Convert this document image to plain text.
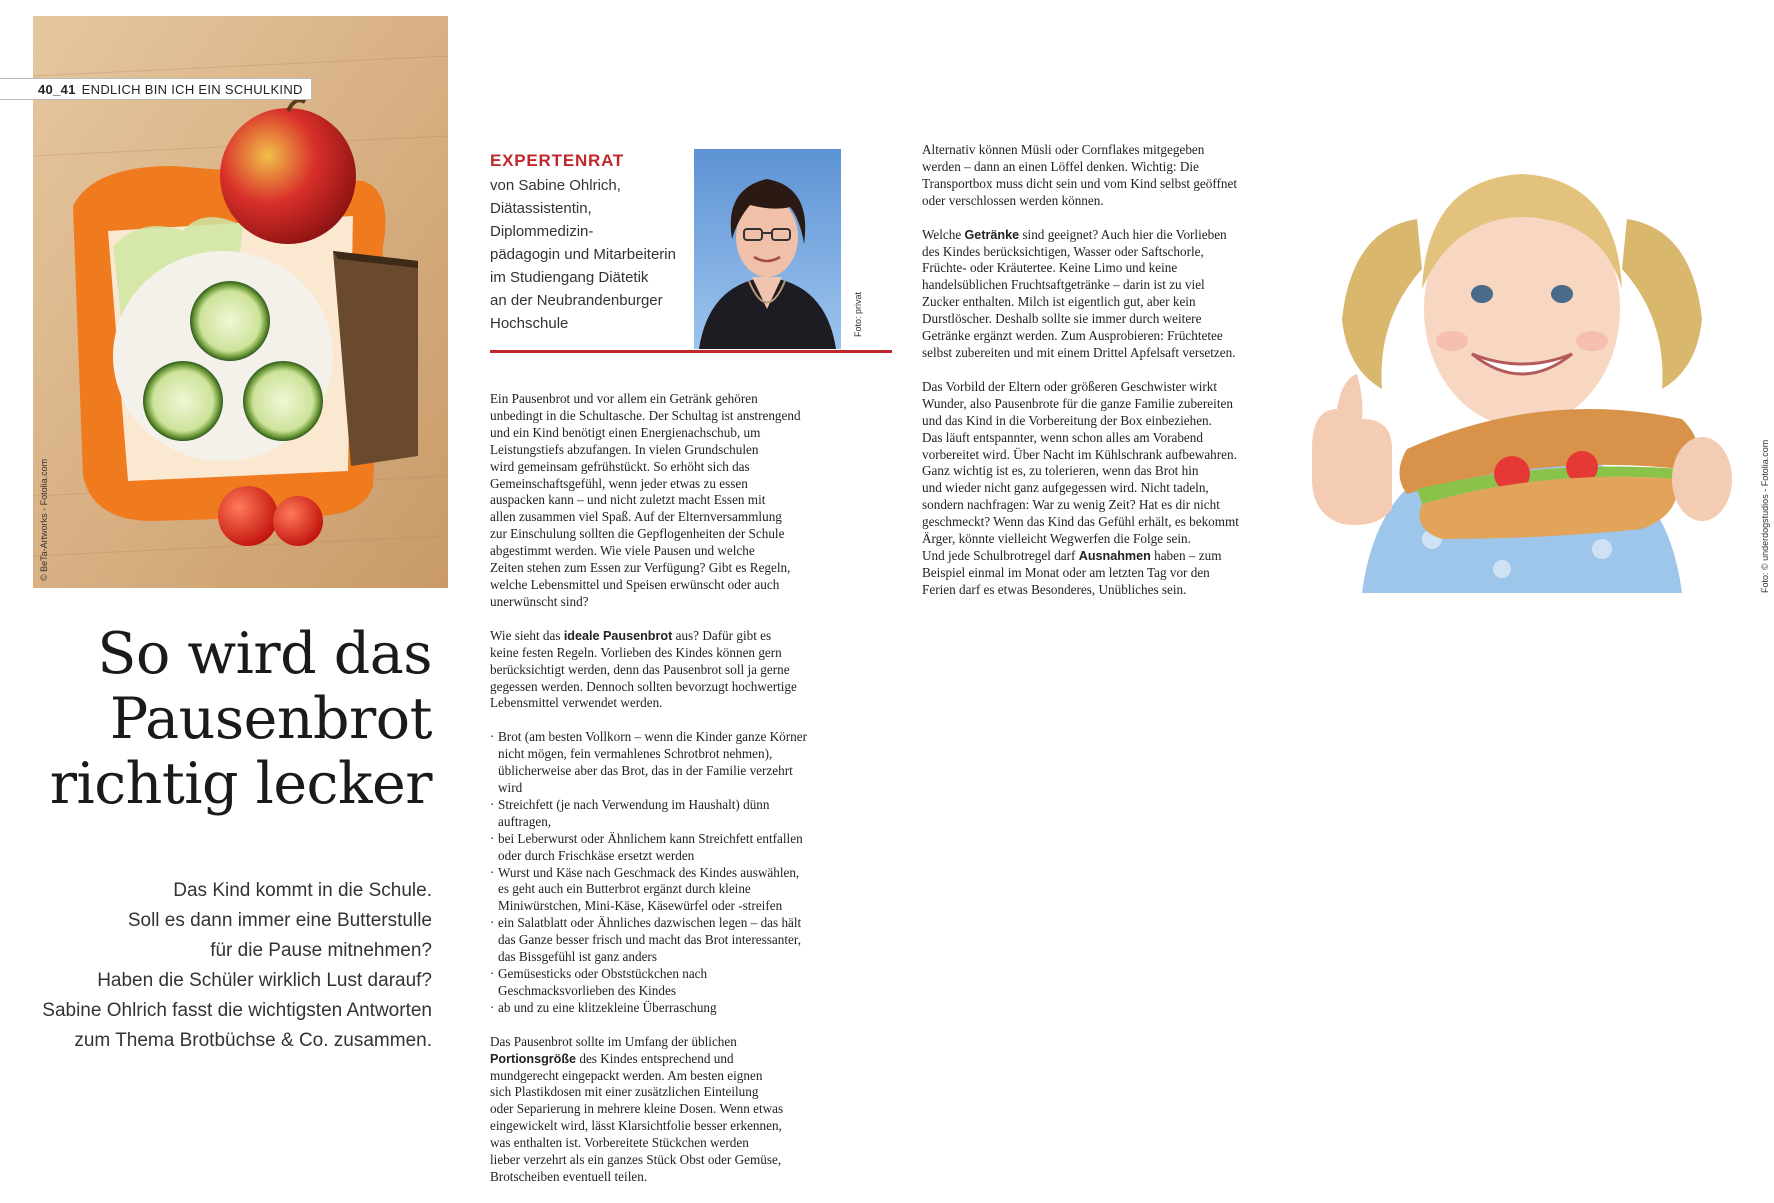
© BeTa-Artworks - Fotolia.com
40_41 ENDLICH BIN ICH EIN SCHULKIND
So wird das
Pausenbrot
richtig lecker
Das Kind kommt in die Schule.
Soll es dann immer eine Butterstulle
für die Pause mitnehmen?
Haben die Schüler wirklich Lust darauf?
Sabine Ohlrich fasst die wichtigsten Antworten
zum Thema Brotbüchse & Co. zusammen.
EXPERTENRAT
von Sabine Ohlrich,
Diätassistentin,
Diplommedizin-
pädagogin und Mitarbeiterin
im Studiengang Diätetik
an der Neubrandenburger
Hochschule	Foto: privat

Ein Pausenbrot und vor allem ein Getränk gehören
unbedingt in die Schultasche. Der Schultag ist anstrengend
und ein Kind benötigt einen Energienachschub, um
Leistungstiefs abzufangen. In vielen Grundschulen
wird gemeinsam gefrühstückt. So erhöht sich das
Gemeinschaftsgefühl, wenn jeder etwas zu essen
auspacken kann – und nicht zuletzt macht Essen mit
allen zusammen viel Spaß. Auf der Elternversammlung
zur Einschulung sollten die Gepflogenheiten der Schule
abgestimmt werden. Wie viele Pausen und welche
Zeiten stehen zum Essen zur Verfügung? Gibt es Regeln,
welche Lebensmittel und Speisen erwünscht oder auch
unerwünscht sind?

Wie sieht das ideale Pausenbrot aus? Dafür gibt es
keine festen Regeln. Vorlieben des Kindes können gern
berücksichtigt werden, denn das Pausenbrot soll ja gerne
gegessen werden. Dennoch sollten bevorzugt hochwertige
Lebensmittel verwendet werden.

· Brot (am besten Vollkorn – wenn die Kinder ganze Körner
nicht mögen, fein vermahlenes Schrotbrot nehmen),
üblicherweise aber das Brot, das in der Familie verzehrt
wird
· Streichfett (je nach Verwendung im Haushalt) dünn
auftragen,
· bei Leberwurst oder Ähnlichem kann Streichfett entfallen
oder durch Frischkäse ersetzt werden
· Wurst und Käse nach Geschmack des Kindes auswählen,
es geht auch ein Butterbrot ergänzt durch kleine
Miniwürstchen, Mini-Käse, Käsewürfel oder -streifen
· ein Salatblatt oder Ähnliches dazwischen legen – das hält
das Ganze besser frisch und macht das Brot interessanter,
das Bissgefühl ist ganz anders
· Gemüsesticks oder Obststückchen nach
Geschmacksvorlieben des Kindes
· ab und zu eine klitzekleine Überraschung

Das Pausenbrot sollte im Umfang der üblichen
Portionsgröße des Kindes entsprechend und
mundgerecht eingepackt werden. Am besten eignen
sich Plastikdosen mit einer zusätzlichen Einteilung
oder Separierung in mehrere kleine Dosen. Wenn etwas
eingewickelt wird, lässt Klarsichtfolie besser erkennen,
was enthalten ist. Vorbereitete Stückchen werden
lieber verzehrt als ein ganzes Stück Obst oder Gemüse,
Brotscheiben eventuell teilen.

Alternativ können Müsli oder Cornflakes mitgegeben
werden – dann an einen Löffel denken. Wichtig: Die
Transportbox muss dicht sein und vom Kind selbst geöffnet
oder verschlossen werden können.

Welche Getränke sind geeignet? Auch hier die Vorlieben
des Kindes berücksichtigen, Wasser oder Saftschorle,
Früchte- oder Kräutertee. Keine Limo und keine
handelsüblichen Fruchtsaftgetränke – darin ist zu viel
Zucker enthalten. Milch ist eigentlich gut, aber kein
Durstlöscher. Deshalb sollte sie immer durch weitere
Getränke ergänzt werden. Zum Ausprobieren: Früchtetee
selbst zubereiten und mit einem Drittel Apfelsaft versetzen.

Das Vorbild der Eltern oder größeren Geschwister wirkt
Wunder, also Pausenbrote für die ganze Familie zubereiten
und das Kind in die Vorbereitung der Box einbeziehen.
Das läuft entspannter, wenn schon alles am Vorabend
vorbereitet wird. Über Nacht im Kühlschrank aufbewahren.
Ganz wichtig ist es, zu tolerieren, wenn das Brot hin
und wieder nicht ganz aufgegessen wird. Nicht tadeln,
sondern nachfragen: War zu wenig Zeit? Hat es dir nicht
geschmeckt? Wenn das Kind das Gefühl erhält, es bekommt
Ärger, könnte vielleicht Wegwerfen die Folge sein.
Und jede Schulbrotregel darf Ausnahmen haben – zum
Beispiel einmal im Monat oder am letzten Tag vor den
Ferien darf es etwas Besonderes, Unübliches sein.	Foto: © underdogstudios - Fotolia.com
